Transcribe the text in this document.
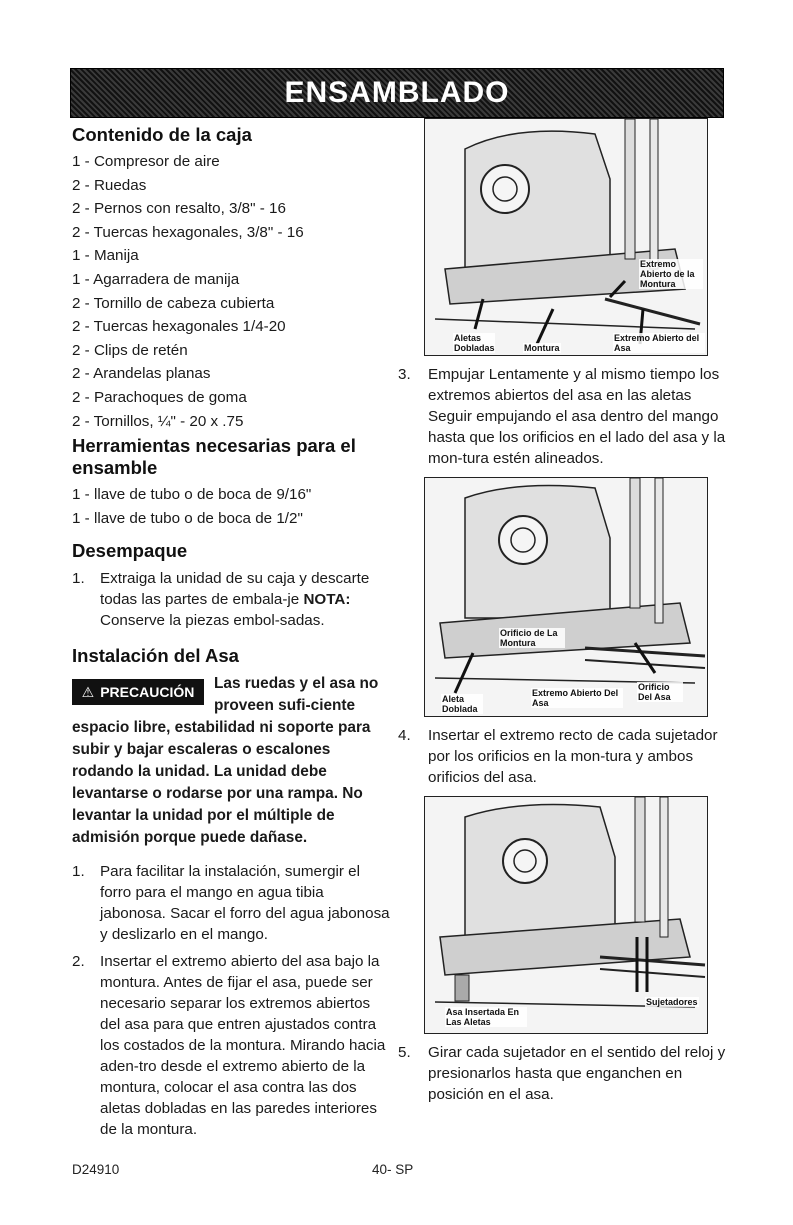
ENSAMBLADO
Contenido de la caja
1 - Compresor de aire
2 - Ruedas
2 - Pernos con resalto, 3/8" - 16
2 - Tuercas hexagonales, 3/8" - 16
1 - Manija
1 - Agarradera de manija
2 - Tornillo de cabeza cubierta
2 - Tuercas hexagonales 1/4-20
2 - Clips de retén
2 - Arandelas planas
2 - Parachoques de goma
2 - Tornillos, ¼" - 20 x .75
Herramientas necesarias para el ensamble
1 - llave de tubo o de boca de 9/16"
1 - llave de tubo o de boca de 1/2"
Desempaque
1.	Extraiga la unidad de su caja y descarte todas las partes de embala-je NOTA: Conserve la piezas embol-sadas.
Instalación del Asa
⚠ PRECAUCIÓN Las ruedas y el asa no proveen sufi-ciente espacio libre, estabilidad ni soporte para subir y bajar escaleras o escalones rodando la unidad. La unidad debe levantarse o rodarse por una rampa. No levantar la unidad por el múltiple de admisión porque puede dañase.
1.	Para facilitar la instalación, sumergir el forro para el mango en agua tibia jabonosa. Sacar el forro del agua jabonosa y deslizarlo en el mango.
2.	Insertar el extremo abierto del asa bajo la montura. Antes de fijar el asa, puede ser necesario separar los extremos abiertos del asa para que entren ajustados contra los costados de la montura. Mirando hacia aden-tro desde el extremo abierto de la montura, colocar el asa contra las dos aletas dobladas en las paredes interiores de la montura.
Extremo Abierto de la Montura
Aletas Dobladas	Montura
Extremo Abierto del Asa
3.	Empujar Lentamente y al mismo tiempo los extremos abiertos del asa en las aletas Seguir empujando el asa dentro del mango hasta que los orificios en el lado del asa y la mon-tura estén alineados.
Orificio de La Montura
Aleta Doblada
Extremo Abierto Del Asa
Orificio Del Asa
4.	Insertar el extremo recto de cada sujetador por los orificios en la mon-tura y ambos orificios del asa.
Asa Insertada En Las Aletas
Sujetadores
5.	Girar cada sujetador en el sentido del reloj y presionarlos hasta que enganchen en posición en el asa.
D24910	40- SP
